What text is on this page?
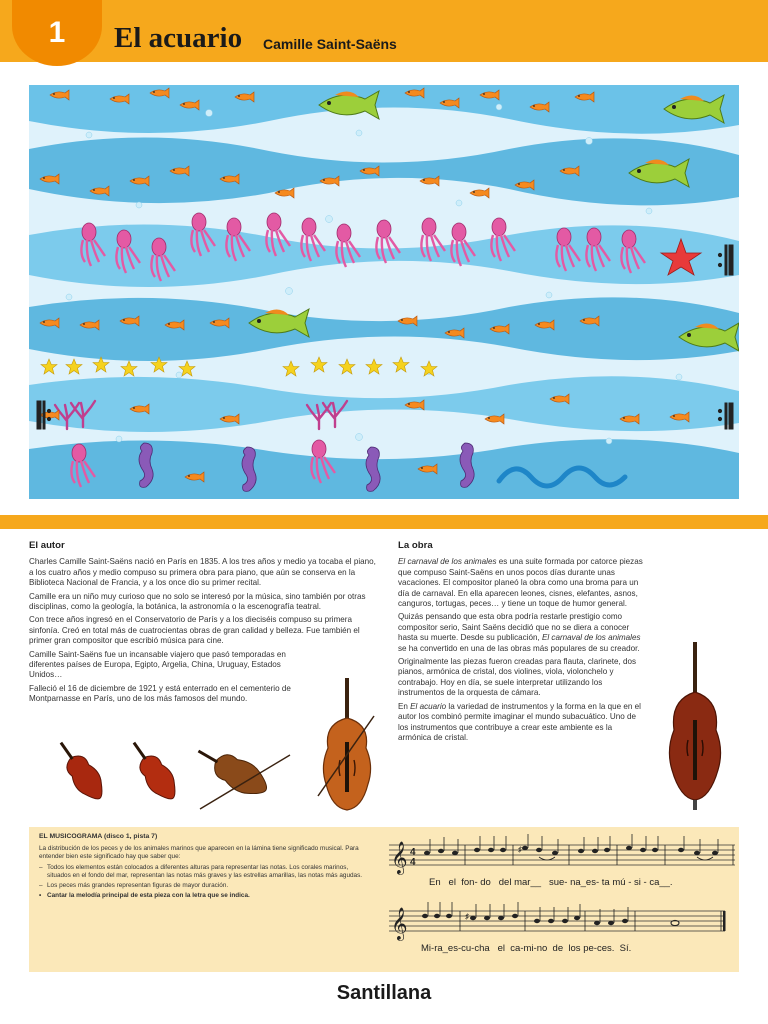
1	El acuario Camille Saint-Saëns
El autor

Charles Camille Saint-Saëns nació en París en 1835. A los tres años y medio ya tocaba el piano, a los cuatro años y medio compuso su primera obra para piano, que aún se conserva en la Biblioteca Nacional de Francia, y a los once dio su primer recital.

Camille era un niño muy curioso que no solo se interesó por la música, sino también por otras disciplinas, como la geología, la botánica, la astronomía o la escenografía teatral.

Con trece años ingresó en el Conservatorio de París y a los dieciséis compuso su primera sinfonía. Creó en total más de cuatrocientas obras de gran calidad y belleza. Fue también el primer gran compositor que escribió música para cine.

Camille Saint-Saëns fue un incansable viajero que pasó temporadas en diferentes países de Europa, Egipto, Argelia, China, Uruguay, Estados Unidos…

Falleció el 16 de diciembre de 1921 y está enterrado en el cementerio de Montparnasse en París, uno de los más famosos del mundo.

La obra

El carnaval de los animales es una suite formada por catorce piezas que compuso Saint-Saëns en unos pocos días durante unas vacaciones. El compositor planeó la obra como una broma para un día de carnaval. En ella aparecen leones, cisnes, elefantes, asnos, canguros, tortugas, peces… y tiene un toque de humor general.

Quizás pensando que esta obra podría restarle prestigio como compositor serio, Saint Saëns decidió que no se diera a conocer hasta su muerte. Desde su publicación, El carnaval de los animales se ha convertido en una de las obras más populares de su creador.

Originalmente las piezas fueron creadas para flauta, clarinete, dos pianos, armónica de cristal, dos violines, viola, violonchelo y contrabajo. Hoy en día, se suele interpretar utilizando los instrumentos de la orquesta de cámara.

En El acuario la variedad de instrumentos y la forma en la que en el autor los combinó permite imaginar el mundo subacuático. Uno de los instrumentos que contribuye a crear este ambiente es la armónica de cristal.

EL MUSICOGRAMA (disco 1, pista 7)

La distribución de los peces y de los animales marinos que aparecen en la lámina tiene significado musical. Para entender bien este significado hay que saber que:

– Todos los elementos están colocados a diferentes alturas para representar las notas. Los corales marinos, situados en el fondo del mar, representan las notas más graves y las estrellas amarillas, las notas más agudas.
– Los peces más grandes representan figuras de mayor duración.
• Cantar la melodía principal de esta pieza con la letra que se indica.
𝄞
𝄞
4
4
♯
♯
En el fon- do del mar__ sue- na_es- ta mú - si - ca__.
Mi-ra_es-cu-cha el ca-mi-no de los pe-ces. Sí.
Santillana
